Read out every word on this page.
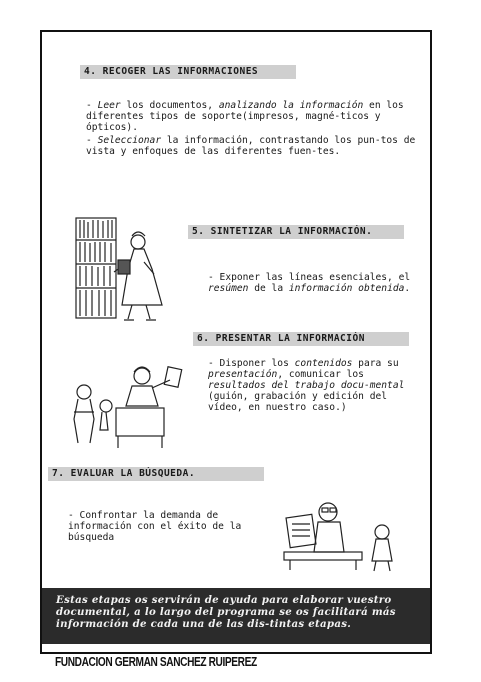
4. RECOGER LAS INFORMACIONES

- Leer los documentos, analizando la información en los diferentes tipos de soporte(impresos, magné-ticos y ópticos).

- Seleccionar la información, contrastando los pun-tos de vista y enfoques de las diferentes fuen-tes.

5. SINTETIZAR LA INFORMACIÓN.

- Exponer las líneas esenciales, el resúmen de la información obtenida.

6. PRESENTAR LA INFORMACIÓN

- Disponer los contenidos para su presentación, comunicar los resultados del trabajo docu-mental (guión, grabación y edición del vídeo, en nuestro caso.)

7. EVALUAR LA BÚSQUEDA.

- Confrontar la demanda de información con el éxito de la búsqueda

Estas etapas os servirán de ayuda para elaborar vuestro documental, a lo largo del programa se os facilitará más información de cada una de las dis-tintas etapas.
FUNDACION GERMAN SANCHEZ RUIPEREZ
